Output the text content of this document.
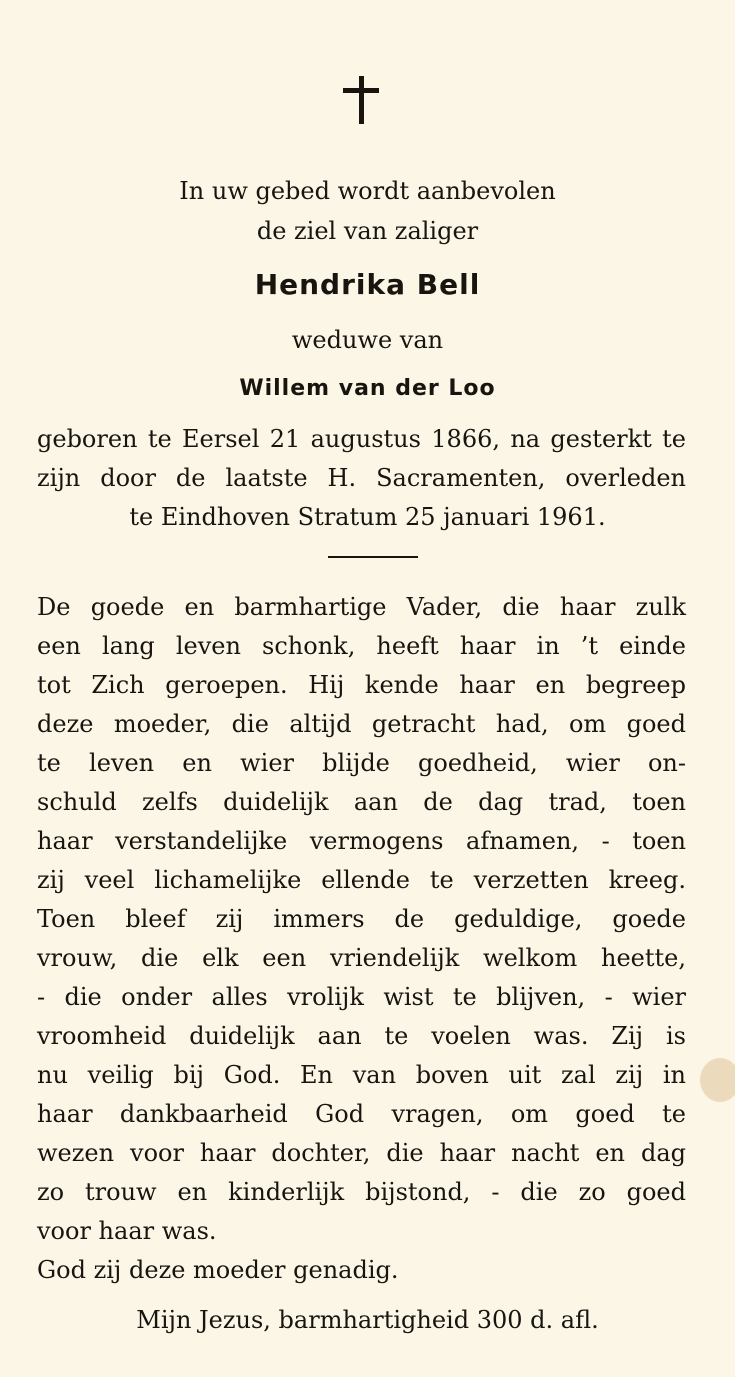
In uw gebed wordt aanbevolen
de ziel van zaliger
Hendrika Bell
weduwe van
Willem van der Loo
geboren te Eersel 21 augustus 1866, na gesterkt te
zijn door de laatste H. Sacramenten, overleden
te Eindhoven Stratum 25 januari 1961.
De goede en barmhartige Vader, die haar zulk
een lang leven schonk, heeft haar in ’t einde
tot Zich geroepen. Hij kende haar en begreep
deze moeder, die altijd getracht had, om goed
te leven en wier blijde goedheid, wier on-
schuld zelfs duidelijk aan de dag trad, toen
haar verstandelijke vermogens afnamen, - toen
zij veel lichamelijke ellende te verzetten kreeg.
Toen bleef zij immers de geduldige, goede
vrouw, die elk een vriendelijk welkom heette,
- die onder alles vrolijk wist te blijven, - wier
vroomheid duidelijk aan te voelen was. Zij is
nu veilig bij God. En van boven uit zal zij in
haar dankbaarheid God vragen, om goed te
wezen voor haar dochter, die haar nacht en dag
zo trouw en kinderlijk bijstond, - die zo goed
voor haar was.
God zij deze moeder genadig.
Mijn Jezus, barmhartigheid 300 d. afl.
